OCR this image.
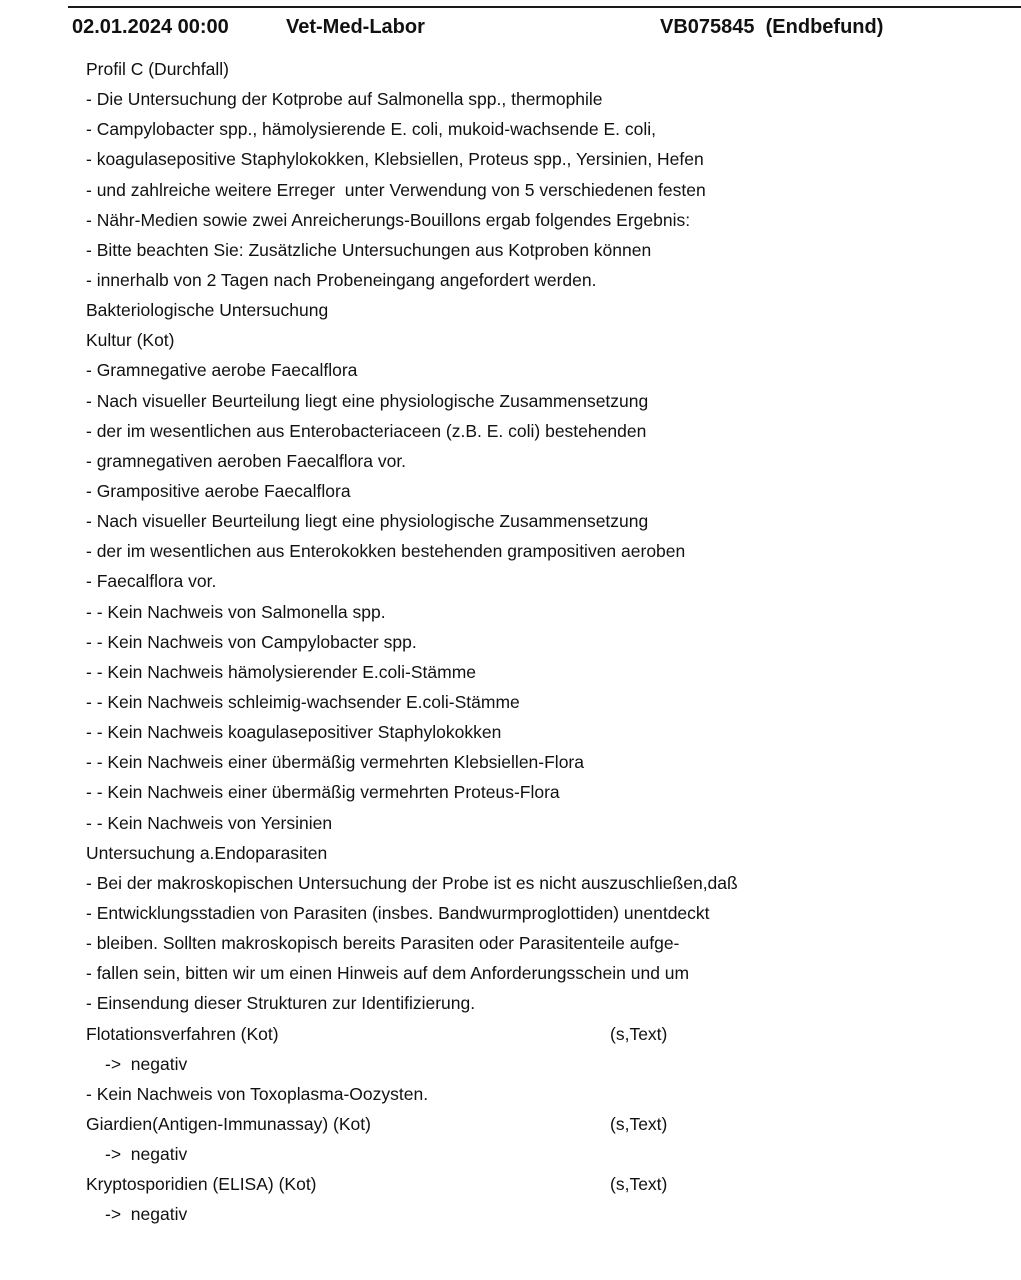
02.01.2024 00:00	Vet-Med-Labor	VB075845  (Endbefund)
Profil C (Durchfall)
- Die Untersuchung der Kotprobe auf Salmonella spp., thermophile
- Campylobacter spp., hämolysierende E. coli, mukoid-wachsende E. coli,
- koagulasepositive Staphylokokken, Klebsiellen, Proteus spp., Yersinien, Hefen
- und zahlreiche weitere Erreger  unter Verwendung von 5 verschiedenen festen
- Nähr-Medien sowie zwei Anreicherungs-Bouillons ergab folgendes Ergebnis:
- Bitte beachten Sie: Zusätzliche Untersuchungen aus Kotproben können
- innerhalb von 2 Tagen nach Probeneingang angefordert werden.
Bakteriologische Untersuchung
Kultur (Kot)
- Gramnegative aerobe Faecalflora
- Nach visueller Beurteilung liegt eine physiologische Zusammensetzung
- der im wesentlichen aus Enterobacteriaceen (z.B. E. coli) bestehenden
- gramnegativen aeroben Faecalflora vor.
- Grampositive aerobe Faecalflora
- Nach visueller Beurteilung liegt eine physiologische Zusammensetzung
- der im wesentlichen aus Enterokokken bestehenden grampositiven aeroben
- Faecalflora vor.
- - Kein Nachweis von Salmonella spp.
- - Kein Nachweis von Campylobacter spp.
- - Kein Nachweis hämolysierender E.coli-Stämme
- - Kein Nachweis schleimig-wachsender E.coli-Stämme
- - Kein Nachweis koagulasepositiver Staphylokokken
- - Kein Nachweis einer übermäßig vermehrten Klebsiellen-Flora
- - Kein Nachweis einer übermäßig vermehrten Proteus-Flora
- - Kein Nachweis von Yersinien
Untersuchung a.Endoparasiten
- Bei der makroskopischen Untersuchung der Probe ist es nicht auszuschließen,daß
- Entwicklungsstadien von Parasiten (insbes. Bandwurmproglottiden) unentdeckt
- bleiben. Sollten makroskopisch bereits Parasiten oder Parasitenteile aufge-
- fallen sein, bitten wir um einen Hinweis auf dem Anforderungsschein und um
- Einsendung dieser Strukturen zur Identifizierung.
Flotationsverfahren (Kot)	(s,Text)
->  negativ
- Kein Nachweis von Toxoplasma-Oozysten.
Giardien(Antigen-Immunassay) (Kot)	(s,Text)
->  negativ
Kryptosporidien (ELISA) (Kot)	(s,Text)
->  negativ
